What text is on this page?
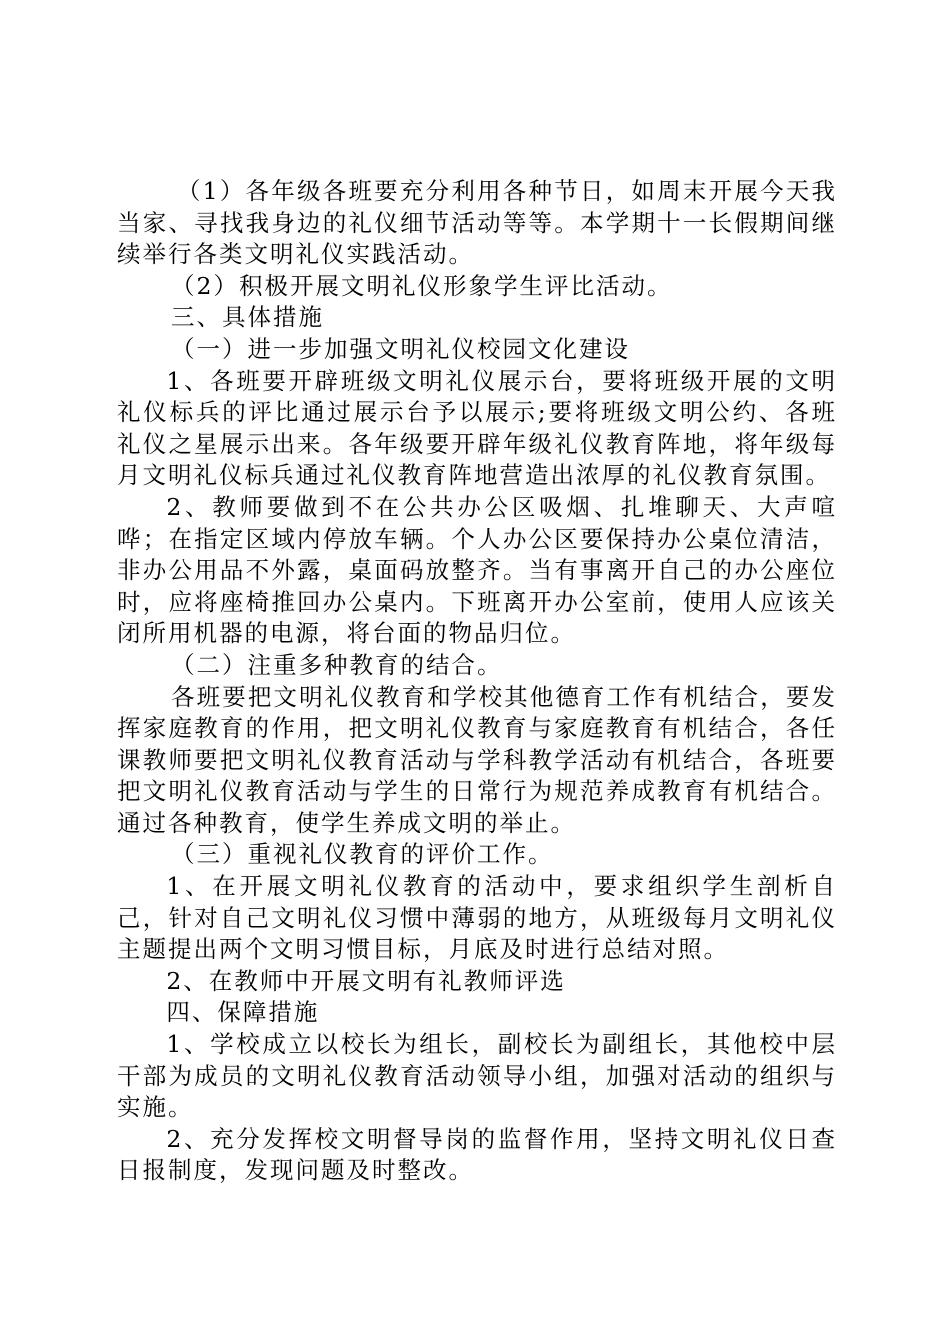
（1）各年级各班要充分利用各种节日，如周末开展今天我当家、寻找我身边的礼仪细节活动等等。本学期十一长假期间继续举行各类文明礼仪实践活动。

（2）积极开展文明礼仪形象学生评比活动。

三、具体措施

（一）进一步加强文明礼仪校园文化建设

1、各班要开辟班级文明礼仪展示台，要将班级开展的文明礼仪标兵的评比通过展示台予以展示;要将班级文明公约、各班礼仪之星展示出来。各年级要开辟年级礼仪教育阵地，将年级每月文明礼仪标兵通过礼仪教育阵地营造出浓厚的礼仪教育氛围。

2、教师要做到不在公共办公区吸烟、扎堆聊天、大声喧哗；在指定区域内停放车辆。个人办公区要保持办公桌位清洁，非办公用品不外露，桌面码放整齐。当有事离开自己的办公座位时，应将座椅推回办公桌内。下班离开办公室前，使用人应该关闭所用机器的电源，将台面的物品归位。

（二）注重多种教育的结合。

各班要把文明礼仪教育和学校其他德育工作有机结合，要发挥家庭教育的作用，把文明礼仪教育与家庭教育有机结合，各任课教师要把文明礼仪教育活动与学科教学活动有机结合，各班要把文明礼仪教育活动与学生的日常行为规范养成教育有机结合。通过各种教育，使学生养成文明的举止。

（三）重视礼仪教育的评价工作。

1、在开展文明礼仪教育的活动中，要求组织学生剖析自己，针对自己文明礼仪习惯中薄弱的地方，从班级每月文明礼仪主题提出两个文明习惯目标，月底及时进行总结对照。

2、在教师中开展文明有礼教师评选

四、保障措施

1、学校成立以校长为组长，副校长为副组长，其他校中层干部为成员的文明礼仪教育活动领导小组，加强对活动的组织与实施。

2、充分发挥校文明督导岗的监督作用，坚持文明礼仪日查日报制度，发现问题及时整改。
